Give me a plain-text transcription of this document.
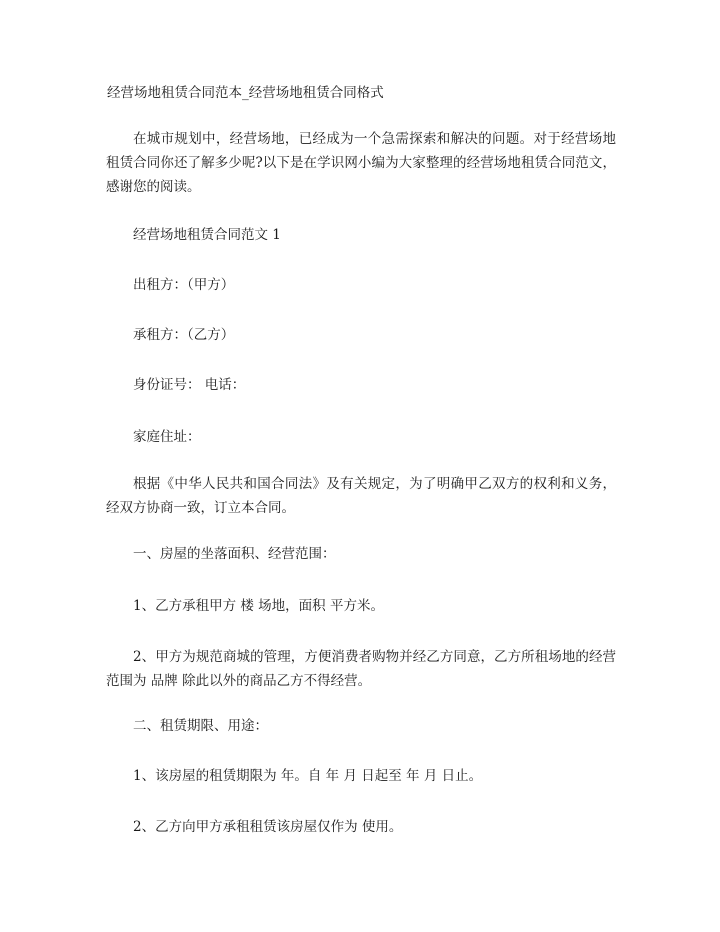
经营场地租赁合同范本_经营场地租赁合同格式
在城市规划中，经营场地，已经成为一个急需探索和解决的问题。对于经营场地租赁合同你还了解多少呢?以下是在学识网小编为大家整理的经营场地租赁合同范文，感谢您的阅读。
经营场地租赁合同范文 1
出租方：（甲方）
承租方：（乙方）
身份证号： 电话：
家庭住址：
根据《中华人民共和国合同法》及有关规定，为了明确甲乙双方的权利和义务，经双方协商一致，订立本合同。
一、房屋的坐落面积、经营范围：
1、乙方承租甲方 楼 场地，面积 平方米。
2、甲方为规范商城的管理，方便消费者购物并经乙方同意，乙方所租场地的经营范围为 品牌 除此以外的商品乙方不得经营。
二、租赁期限、用途：
1、该房屋的租赁期限为 年。自 年 月 日起至 年 月 日止。
2、乙方向甲方承租租赁该房屋仅作为 使用。
